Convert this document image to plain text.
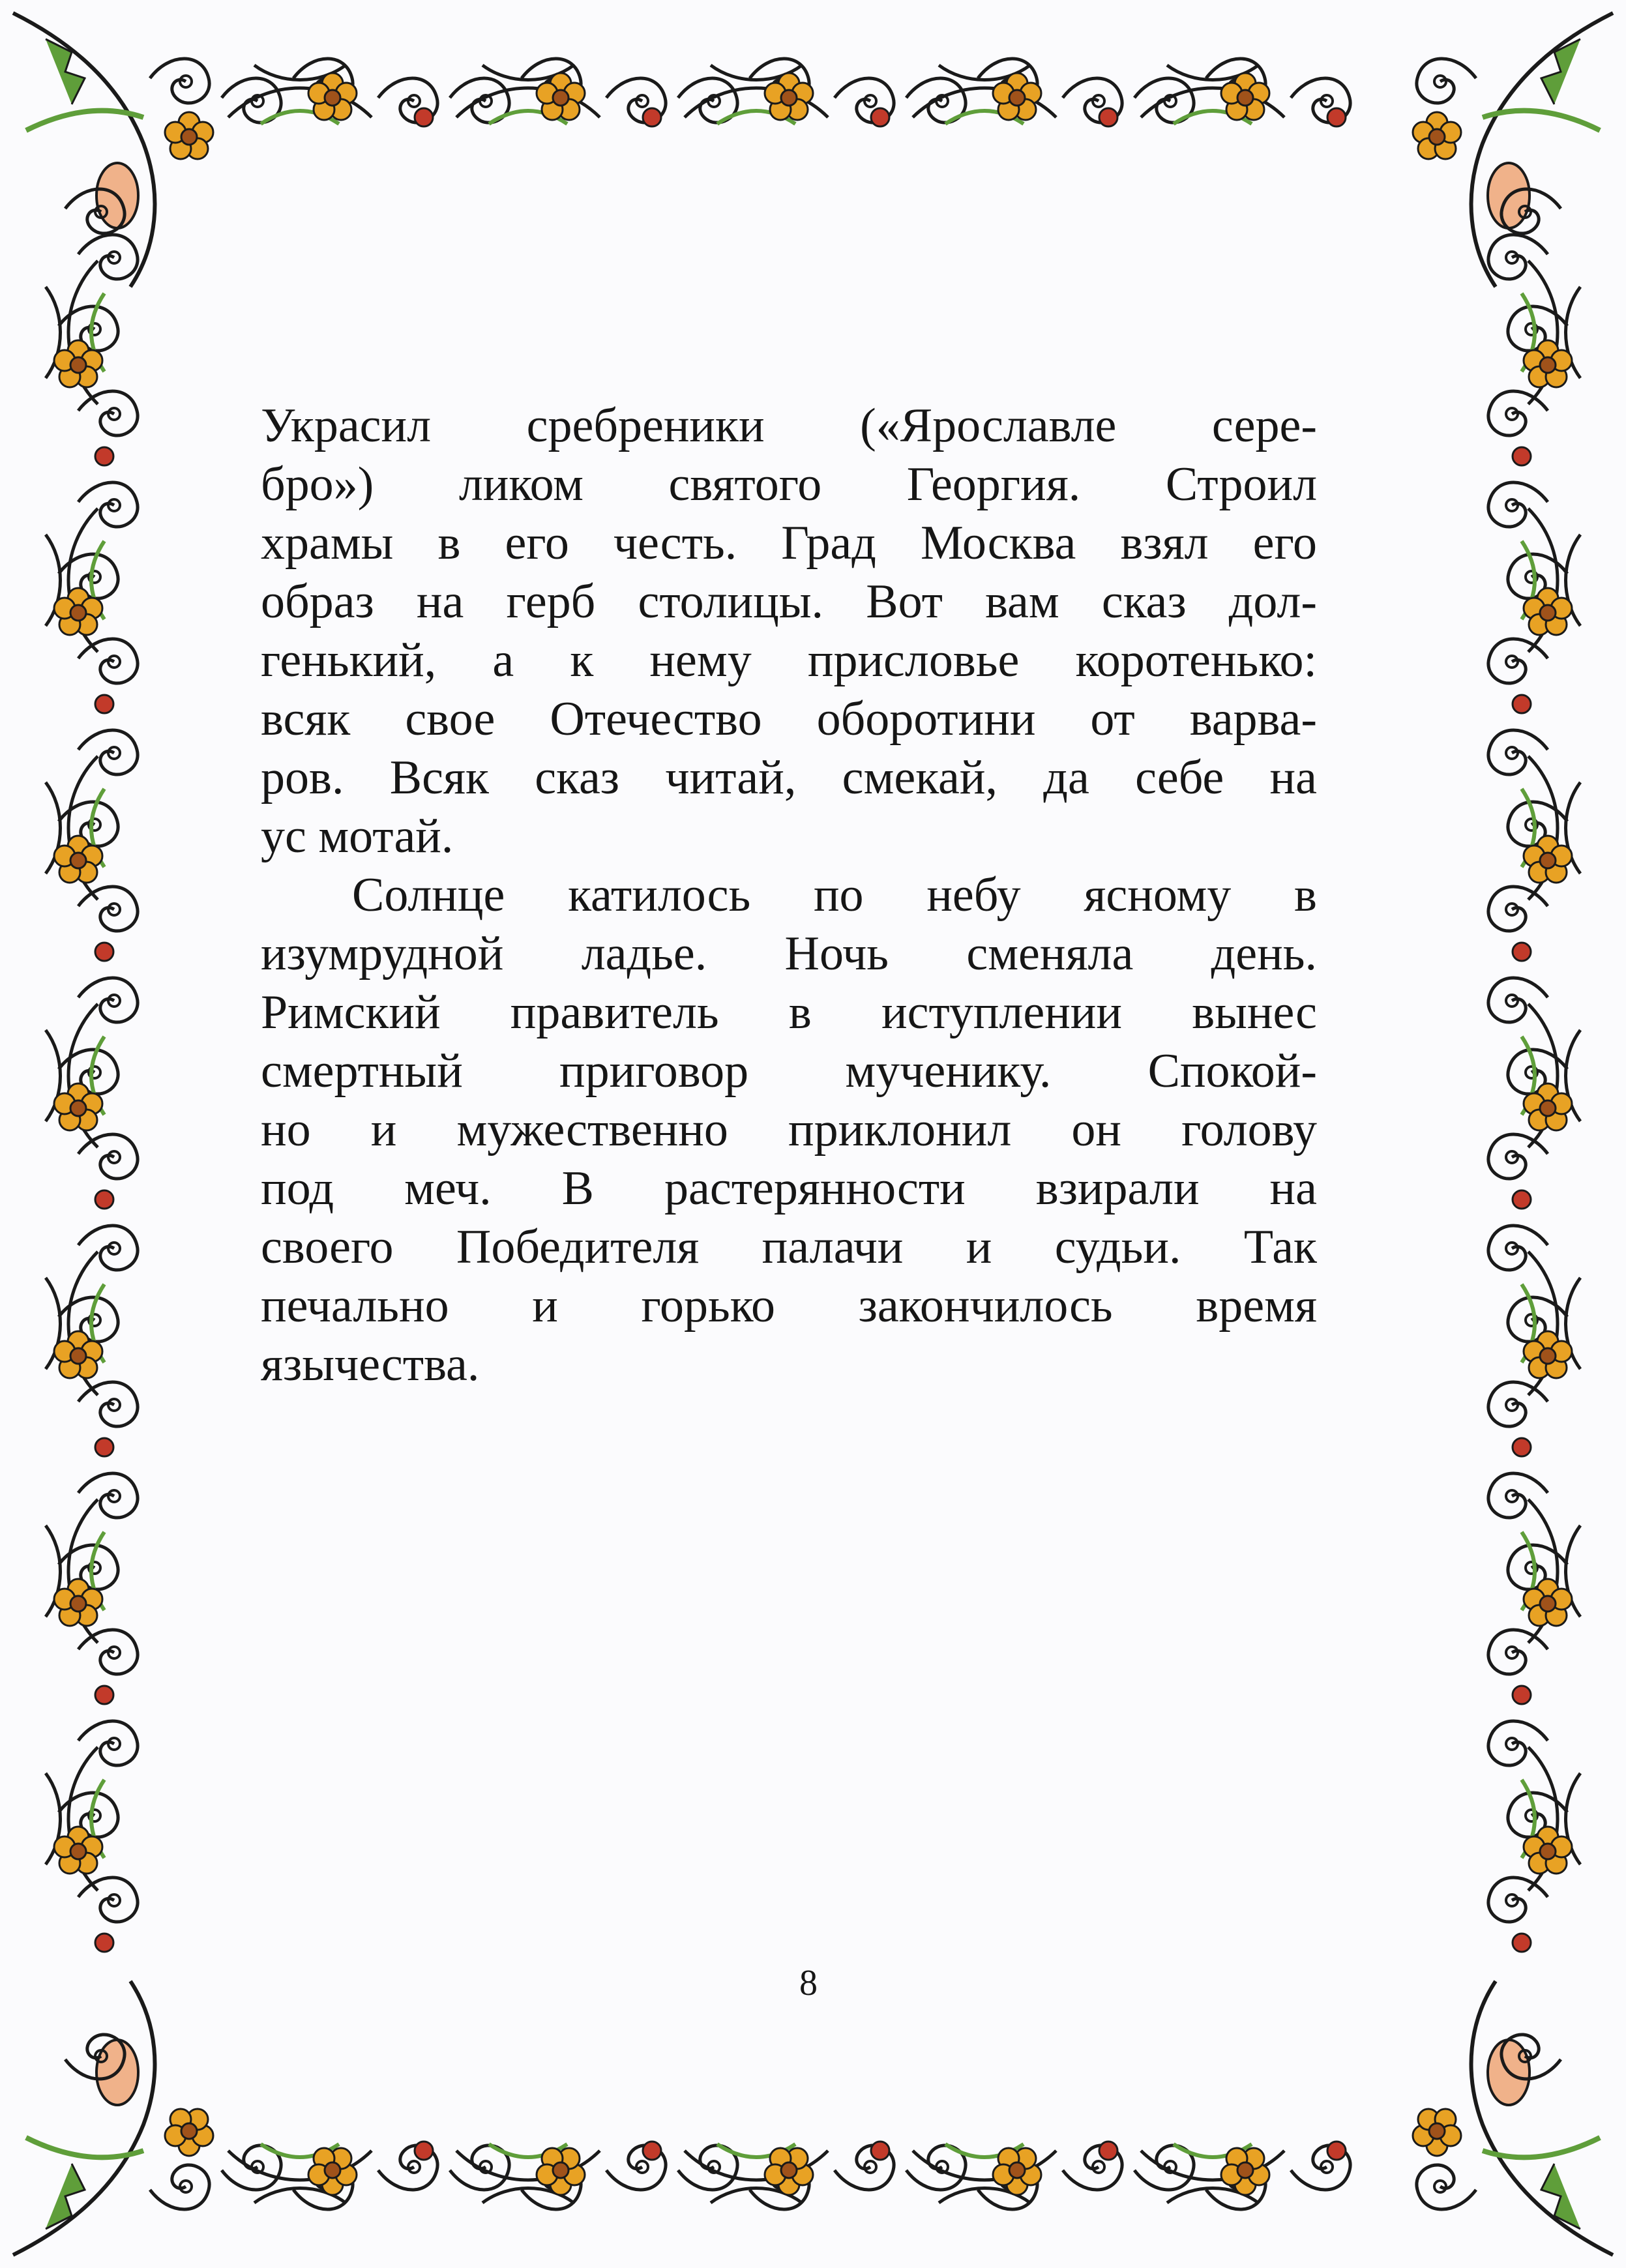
Украсил сребреники («Ярославле сере-
бро») ликом святого Георгия. Строил
храмы в его честь. Град Москва взял его
образ на герб столицы. Вот вам сказ дол-
генький, а к нему присловье коротенько:
всяк свое Отечество оборотини от варва-
ров. Всяк сказ читай, смекай, да себе на
ус мотай.
Солнце катилось по небу ясному в
изумрудной ладье. Ночь сменяла день.
Римский правитель в иступлении вынес
смертный приговор мученику. Спокой-
но и мужественно приклонил он голову
под меч. В растерянности взирали на
своего Победителя палачи и судьи. Так
печально и горько закончилось время
язычества.
8
